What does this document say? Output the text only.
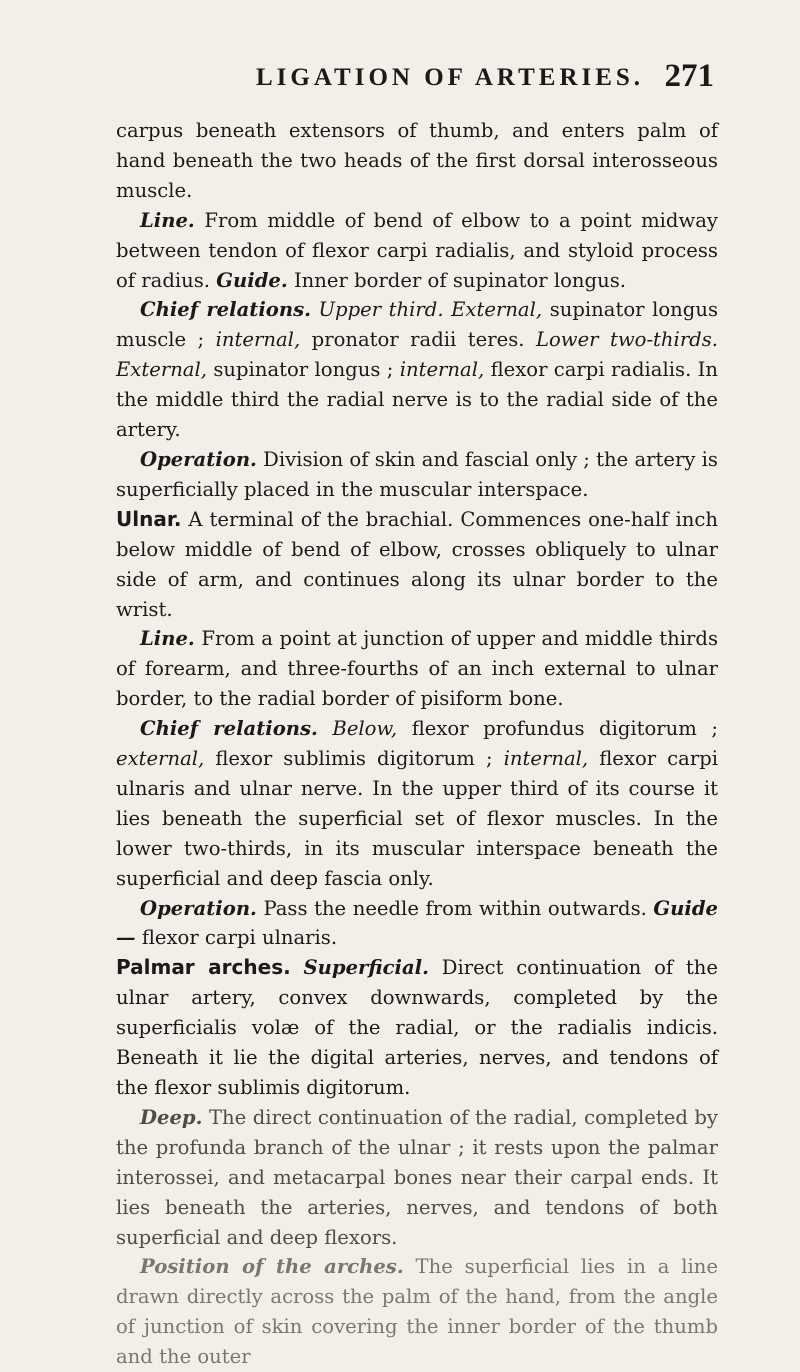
LIGATION OF ARTERIES. 271

carpus beneath extensors of thumb, and enters palm of hand beneath the two heads of the first dorsal interosseous muscle.

Line. From middle of bend of elbow to a point midway between tendon of flexor carpi radialis, and styloid process of radius. Guide. Inner border of supinator longus.

Chief relations. Upper third. External, supinator longus muscle ; internal, pronator radii teres. Lower two-thirds. External, supinator longus ; internal, flexor carpi radialis. In the middle third the radial nerve is to the radial side of the artery.

Operation. Division of skin and fascial only ; the artery is superficially placed in the muscular interspace.

Ulnar. A terminal of the brachial. Commences one-half inch below middle of bend of elbow, crosses obliquely to ulnar side of arm, and continues along its ulnar border to the wrist.

Line. From a point at junction of upper and middle thirds of forearm, and three-fourths of an inch external to ulnar border, to the radial border of pisiform bone.

Chief relations. Below, flexor profundus digitorum ; external, flexor sublimis digitorum ; internal, flexor carpi ulnaris and ulnar nerve. In the upper third of its course it lies beneath the superficial set of flexor muscles. In the lower two-thirds, in its muscular interspace beneath the superficial and deep fascia only.

Operation. Pass the needle from within outwards. Guide— flexor carpi ulnaris.

Palmar arches. Superficial. Direct continuation of the ulnar artery, convex downwards, completed by the superficialis volæ of the radial, or the radialis indicis. Beneath it lie the digital arteries, nerves, and tendons of the flexor sublimis digitorum.

Deep. The direct continuation of the radial, completed by the profunda branch of the ulnar ; it rests upon the palmar interossei, and metacarpal bones near their carpal ends. It lies beneath the arteries, nerves, and tendons of both superficial and deep flexors.

Position of the arches. The superficial lies in a line drawn directly across the palm of the hand, from the angle of junction of skin covering the inner border of the thumb and the outer
